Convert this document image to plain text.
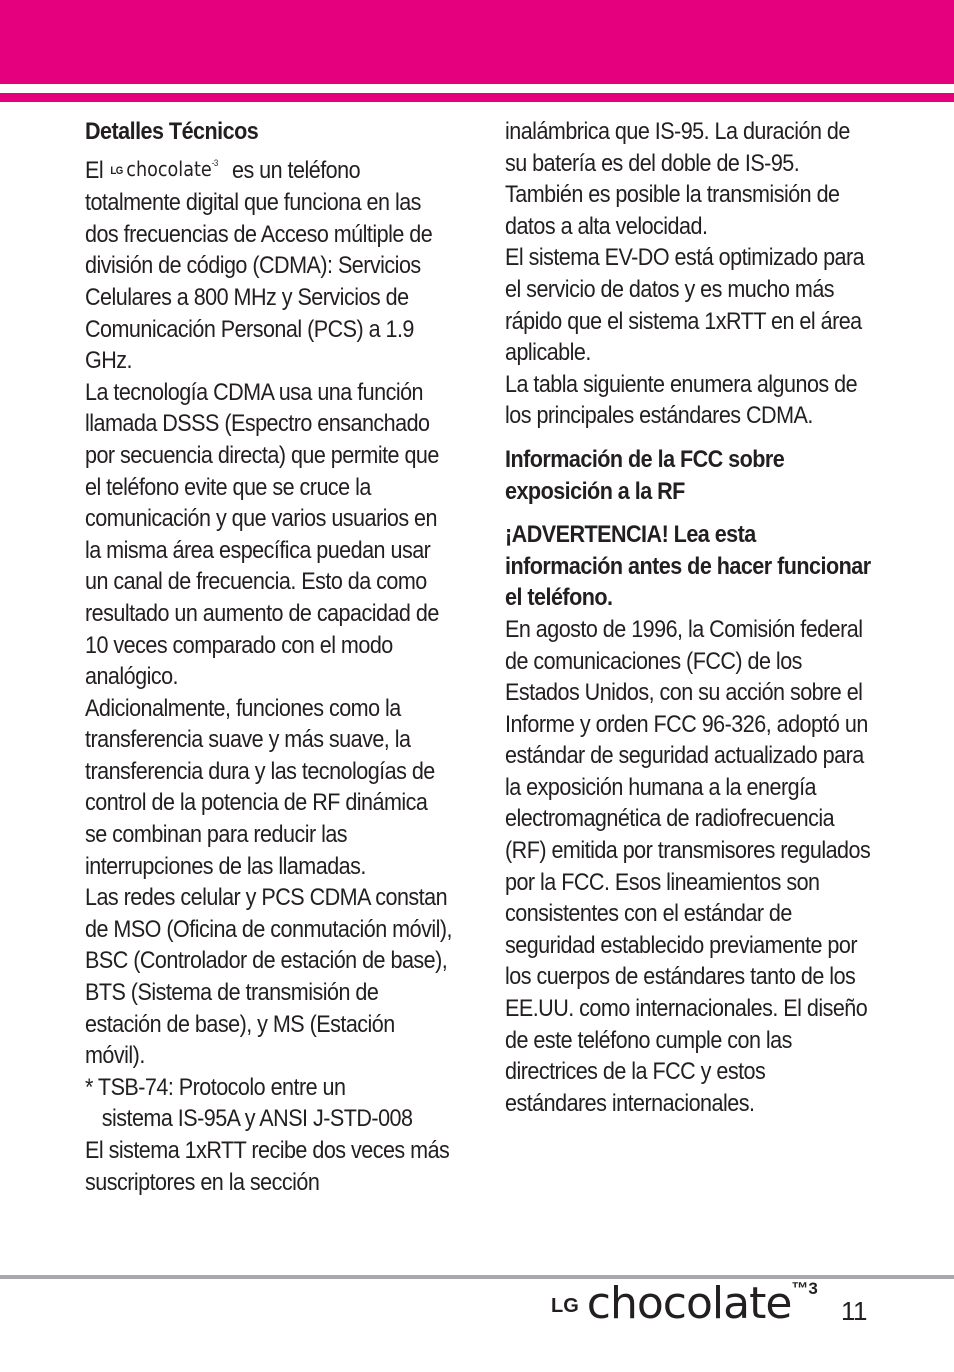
Detalles Técnicos

El LG chocolate$^{-3}$ es un teléfono totalmente digital que funciona en las dos frecuencias de Acceso múltiple de división de código (CDMA): Servicios Celulares a 800 MHz y Servicios de Comunicación Personal (PCS) a 1.9 GHz.

La tecnología CDMA usa una función llamada DSSS (Espectro ensanchado por secuencia directa) que permite que el teléfono evite que se cruce la comunicación y que varios usuarios en la misma área específica puedan usar un canal de frecuencia. Esto da como resultado un aumento de capacidad de 10 veces comparado con el modo analógico.

Adicionalmente, funciones como la transferencia suave y más suave, la transferencia dura y las tecnologías de control de la potencia de RF dinámica se combinan para reducir las interrupciones de las llamadas.

Las redes celular y PCS CDMA constan de MSO (Oficina de conmutación móvil), BSC (Controlador de estación de base), BTS (Sistema de transmisión de estación de base), y MS (Estación móvil).

* TSB-74: Protocolo entre un

sistema IS-95A y ANSI J-STD-008

El sistema 1xRTT recibe dos veces más suscriptores en la sección

inalámbrica que IS-95. La duración de su batería es del doble de IS-95. También es posible la transmisión de datos a alta velocidad.

El sistema EV-DO está optimizado para el servicio de datos y es mucho más rápido que el sistema 1xRTT en el área aplicable.

La tabla siguiente enumera algunos de los principales estándares CDMA.

Información de la FCC sobre exposición a la RF

¡ADVERTENCIA! Lea esta información antes de hacer funcionar el teléfono.

En agosto de 1996, la Comisión federal de comunicaciones (FCC) de los Estados Unidos, con su acción sobre el Informe y orden FCC 96-326, adoptó un estándar de seguridad actualizado para la exposición humana a la energía electromagnética de radiofrecuencia (RF) emitida por transmisores regulados por la FCC. Esos lineamientos son consistentes con el estándar de seguridad establecido previamente por los cuerpos de estándares tanto de los EE.UU. como internacionales. El diseño de este teléfono cumple con las directrices de la FCC y estos estándares internacionales.

LG chocolate$^{™3}$
11
